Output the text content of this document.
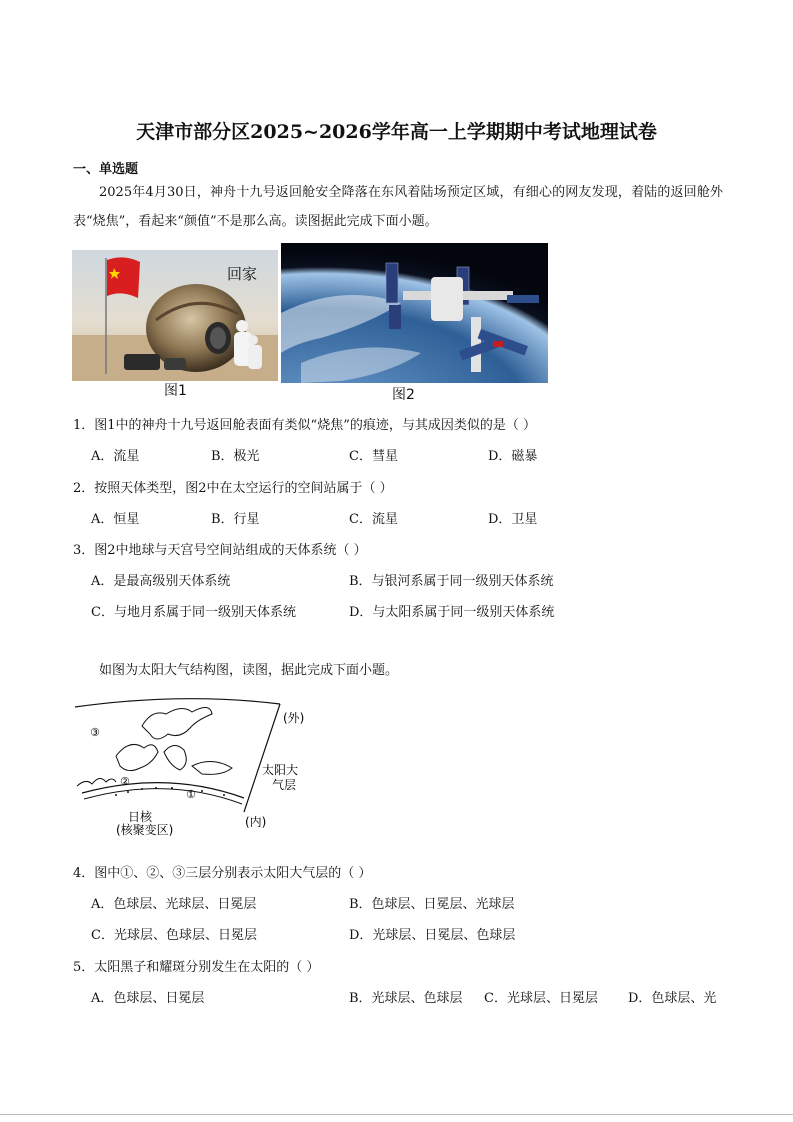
天津市部分区2025~2026学年高一上学期期中考试地理试卷
一、单选题
2025年4月30日，神舟十九号返回舱安全降落在东风着陆场预定区域，有细心的网友发现，着陆的返回舱外表“烧焦”，看起来“颜值”不是那么高。读图据此完成下面小题。
回家
图1	图2
1．图1中的神舟十九号返回舱表面有类似“烧焦”的痕迹，与其成因类似的是（ ）
A．流星	B．极光	C．彗星	D．磁暴
2．按照天体类型，图2中在太空运行的空间站属于（ ）
A．恒星	B．行星	C．流星	D．卫星
3．图2中地球与天宫号空间站组成的天体系统（ ）
A．是最高级别天体系统	B．与银河系属于同一级别天体系统
C．与地月系属于同一级别天体系统	D．与太阳系属于同一级别天体系统
如图为太阳大气结构图，读图，据此完成下面小题。
①
②
③
(外)
(内)
太阳大
气层
日核
(核聚变区)
4．图中①、②、③三层分别表示太阳大气层的（ ）
A．色球层、光球层、日冕层	B．色球层、日冕层、光球层
C．光球层、色球层、日冕层	D．光球层、日冕层、色球层
5．太阳黑子和耀斑分别发生在太阳的（ ）
A．色球层、日冕层	B．光球层、色球层 C．光球层、日冕层 D．色球层、光
